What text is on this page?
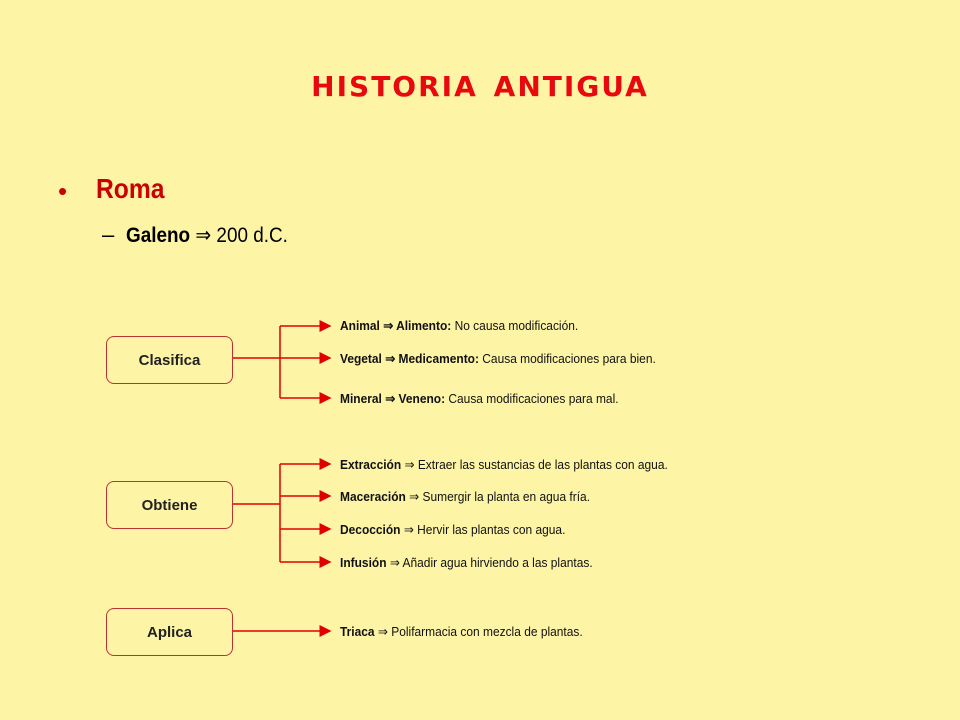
historia antigua
• Roma
– Galeno ⇒ 200 d.C.
Clasifica
Obtiene
Aplica
Animal ⇒ Alimento: No causa modificación.
Vegetal ⇒ Medicamento: Causa modificaciones para bien.
Mineral ⇒ Veneno: Causa modificaciones para mal.
Extracción ⇒ Extraer las sustancias de las plantas con agua.
Maceración ⇒ Sumergir la planta en agua fría.
Decocción ⇒ Hervir las plantas con agua.
Infusión ⇒ Añadir agua hirviendo a las plantas.
Triaca ⇒ Polifarmacia con mezcla de plantas.
